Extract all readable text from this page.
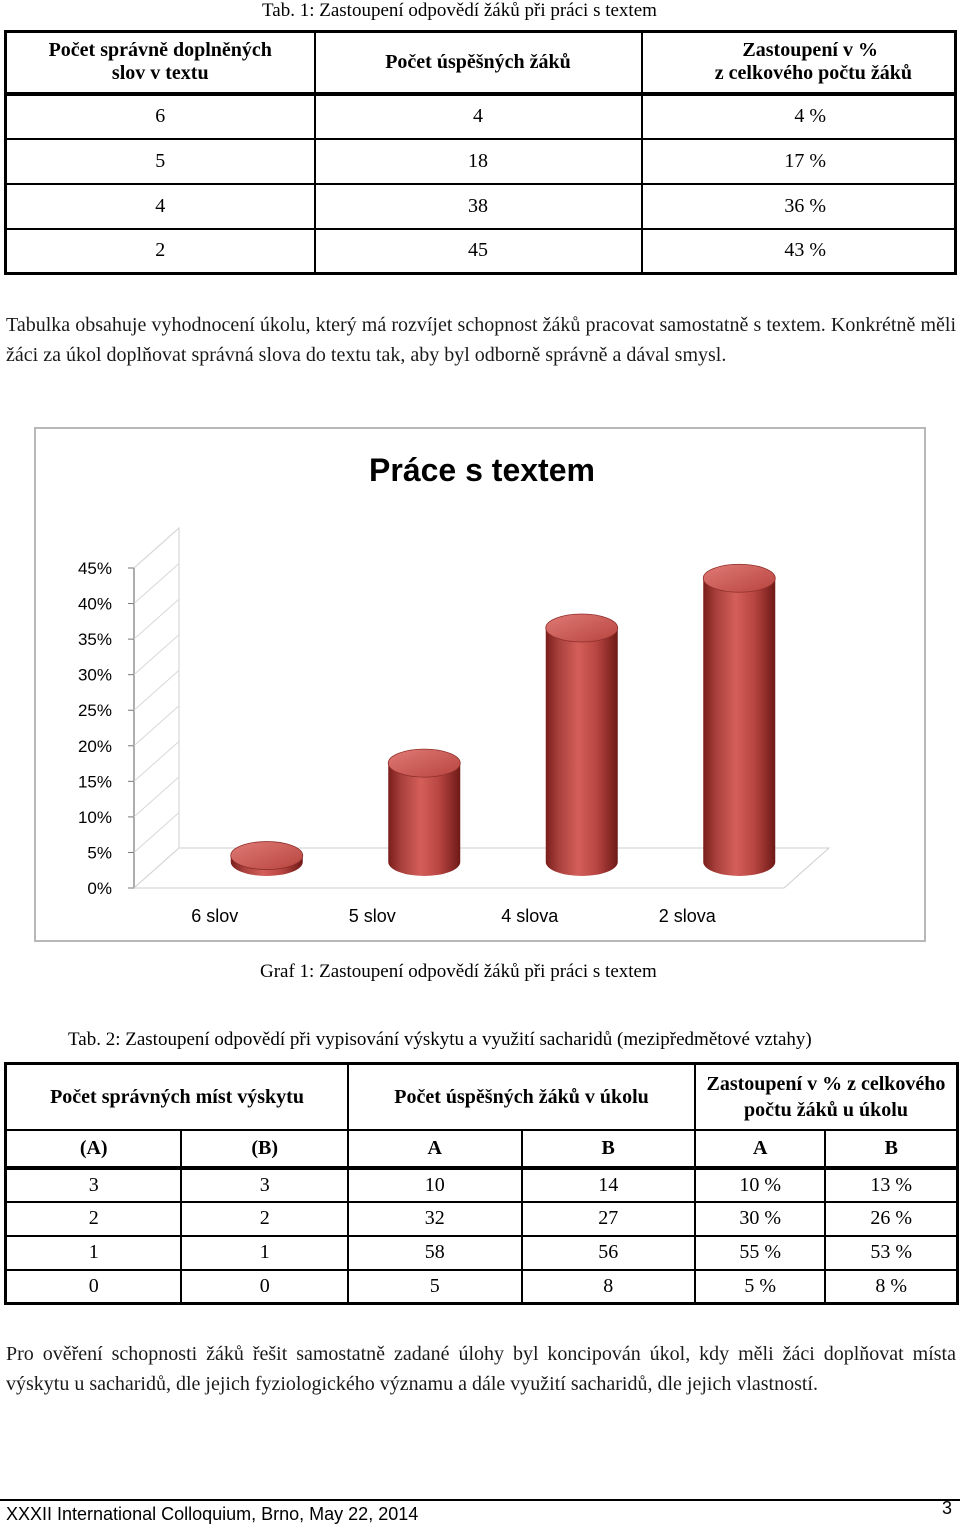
Tab. 1: Zastoupení odpovědí žáků při práci s textem
Počet správně doplněných
slov v textu	Počet úspěšných žáků	Zastoupení v %
z celkového počtu žáků
6	4	4 %
5	18	17 %
4	38	36 %
2	45	43 %
Tabulka obsahuje vyhodnocení úkolu, který má rozvíjet schopnost žáků pracovat samostatně s textem. Konkrétně měli žáci za úkol doplňovat správná slova do textu tak, aby byl odborně správně a dával smysl.
Práce s textem
0%
5%
10%
15%
20%
25%
30%
35%
40%
45%
6 slov	5 slov	4 slova	2 slova
Graf 1: Zastoupení odpovědí žáků při práci s textem
Tab. 2: Zastoupení odpovědí při vypisování výskytu a využití sacharidů (mezipředmětové vztahy)
Počet správných míst výskytu		Počet úspěšných žáků v úkolu		Zastoupení v % z celkového
počtu žáků u úkolu	
(A)	(B)	A	B	A	B
3	3	10	14	10 %	13 %
2	2	32	27	30 %	26 %
1	1	58	56	55 %	53 %
0	0	5	8	5 %	8 %
Pro ověření schopnosti žáků řešit samostatně zadané úlohy byl koncipován úkol, kdy měli žáci doplňovat místa výskytu u sacharidů, dle jejich fyziologického významu a dále využití sacharidů, dle jejich vlastností.
XXXII International Colloquium, Brno, May 22, 2014	3
